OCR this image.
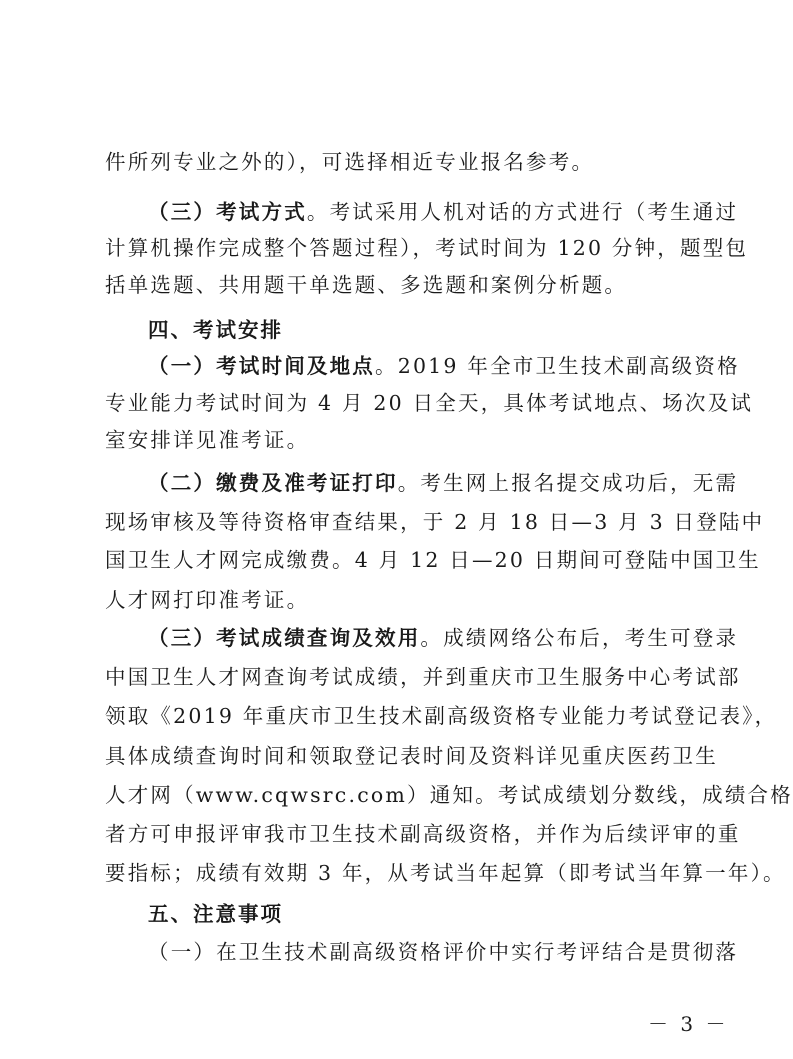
件所列专业之外的），可选择相近专业报名参考。
（三）考试方式。考试采用人机对话的方式进行（考生通过
计算机操作完成整个答题过程），考试时间为 120 分钟，题型包
括单选题、共用题干单选题、多选题和案例分析题。
四、考试安排
（一）考试时间及地点。2019 年全市卫生技术副高级资格
专业能力考试时间为 4 月 20 日全天，具体考试地点、场次及试
室安排详见准考证。
（二）缴费及准考证打印。考生网上报名提交成功后，无需
现场审核及等待资格审查结果，于 2 月 18 日—3 月 3 日登陆中
国卫生人才网完成缴费。4 月 12 日—20 日期间可登陆中国卫生
人才网打印准考证。
（三）考试成绩查询及效用。成绩网络公布后，考生可登录
中国卫生人才网查询考试成绩，并到重庆市卫生服务中心考试部
领取《2019 年重庆市卫生技术副高级资格专业能力考试登记表》，
具体成绩查询时间和领取登记表时间及资料详见重庆医药卫生
人才网（www.cqwsrc.com）通知。考试成绩划分数线，成绩合格
者方可申报评审我市卫生技术副高级资格，并作为后续评审的重
要指标；成绩有效期 3 年，从考试当年起算（即考试当年算一年）。
五、注意事项
（一）在卫生技术副高级资格评价中实行考评结合是贯彻落
－ 3 －
